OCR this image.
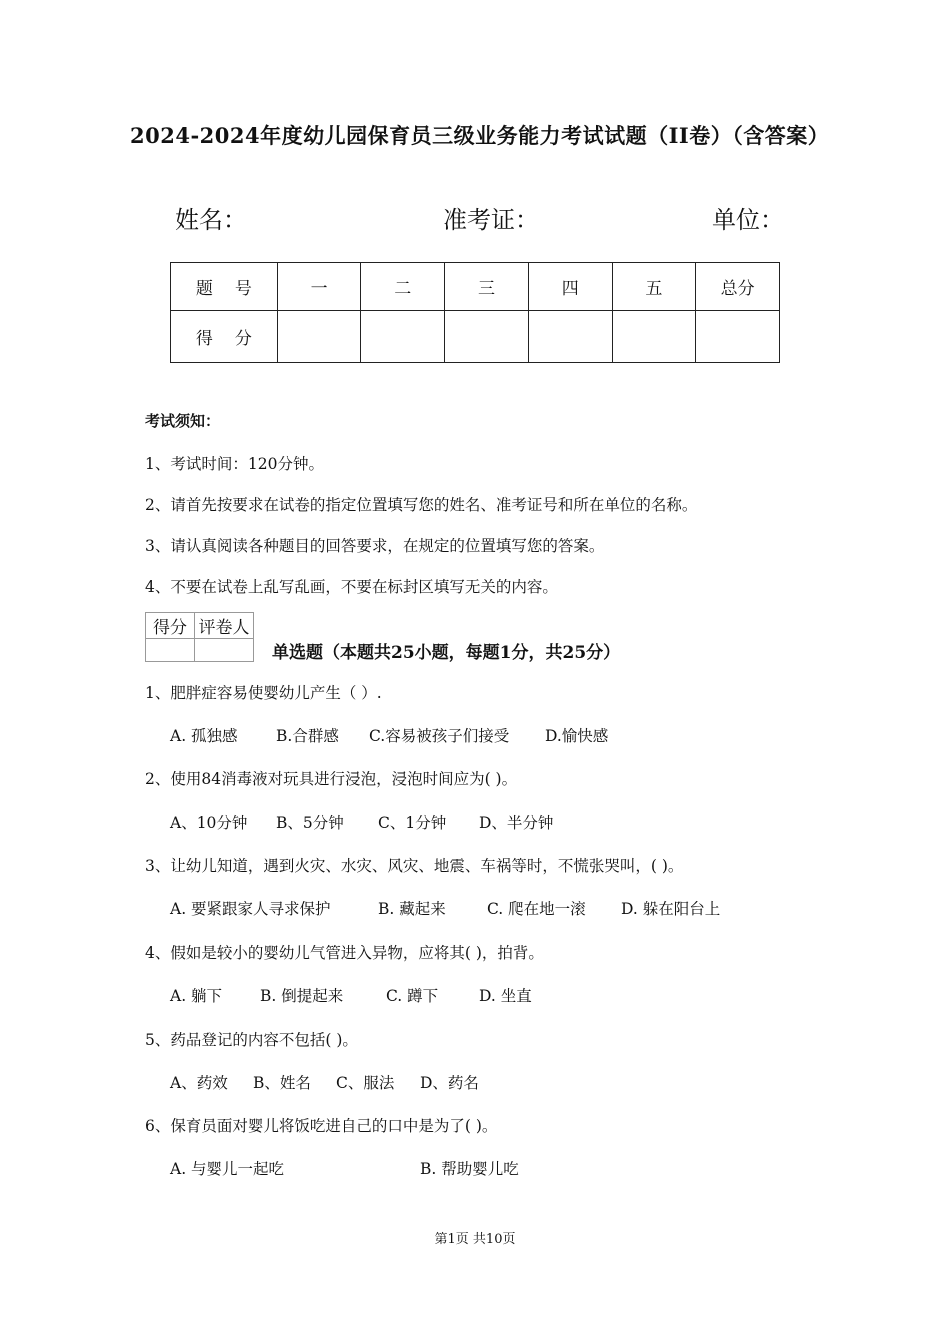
2024-2024年度幼儿园保育员三级业务能力考试试题（II卷）（含答案）
姓名：	准考证：	单位：
题号	一	二	三	四	五	总分
得分						
考试须知：
1、考试时间：120分钟。
2、请首先按要求在试卷的指定位置填写您的姓名、准考证号和所在单位的名称。
3、请认真阅读各种题目的回答要求，在规定的位置填写您的答案。
4、不要在试卷上乱写乱画，不要在标封区填写无关的内容。
得分	评卷人

单选题（本题共25小题，每题1分，共25分）
1、肥胖症容易使婴幼儿产生（ ）.
A. 孤独感 B.合群感 C.容易被孩子们接受 D.愉快感
2、使用84消毒液对玩具进行浸泡，浸泡时间应为( )。
A、10分钟 B、5分钟 C、1分钟 D、半分钟
3、让幼儿知道，遇到火灾、水灾、风灾、地震、车祸等时，不慌张哭叫，( )。
A. 要紧跟家人寻求保护	B. 藏起来	C. 爬在地一滚 D. 躲在阳台上
4、假如是较小的婴幼儿气管进入异物，应将其( )，拍背。
A. 躺下 B. 倒提起来	C. 蹲下	D. 坐直
5、药品登记的内容不包括( )。
A、药效 B、姓名 C、服法 D、药名
6、保育员面对婴儿将饭吃进自己的口中是为了( )。
A. 与婴儿一起吃	B. 帮助婴儿吃
第1页 共10页
